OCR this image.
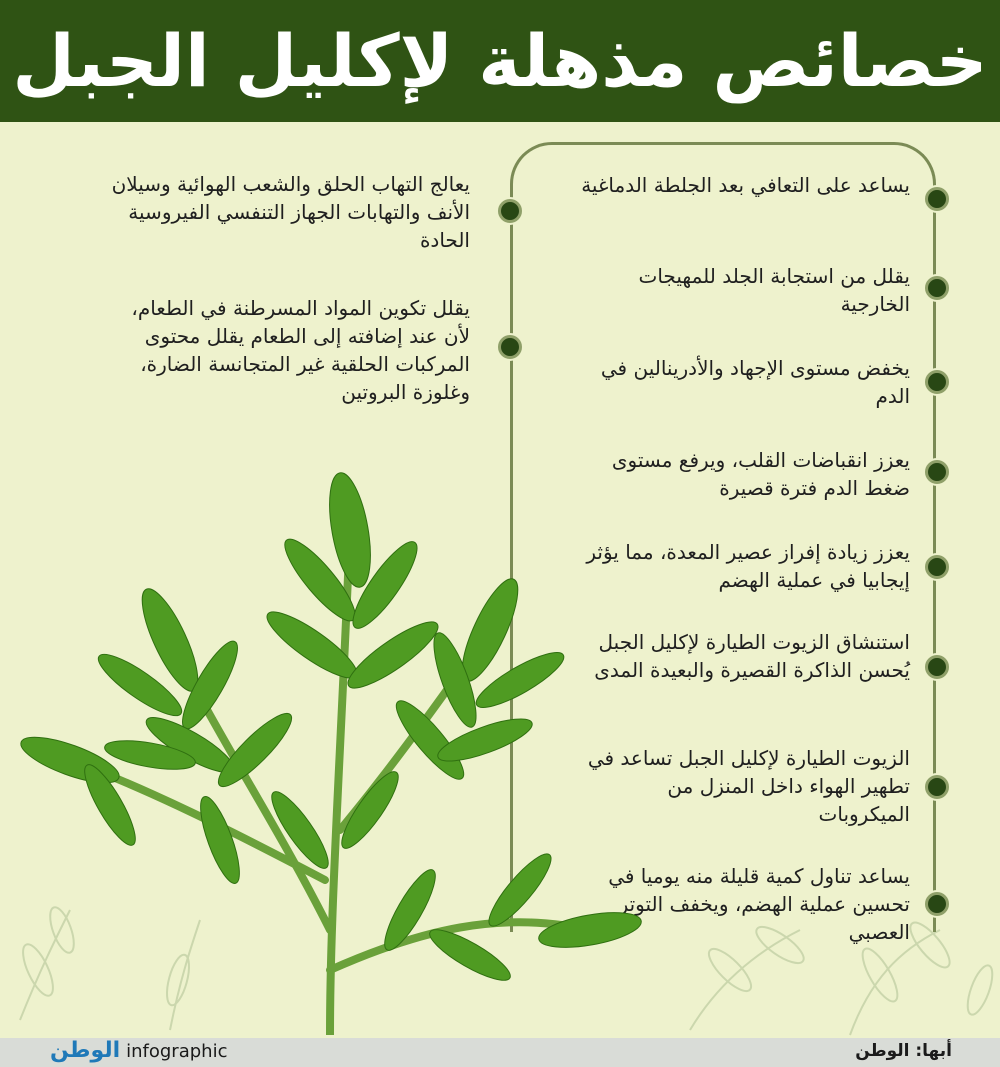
خصائص مذهلة لإكليل الجبل
يساعد على التعافي بعد الجلطة الدماغية
يقلل من استجابة الجلد للمهيجات الخارجية
يخفض مستوى الإجهاد والأدرينالين في الدم
يعزز انقباضات القلب، ويرفع مستوى ضغط الدم فترة قصيرة
يعزز زيادة إفراز عصير المعدة، مما يؤثر إيجابيا في عملية الهضم
استنشاق الزيوت الطيارة لإكليل الجبل يُحسن الذاكرة القصيرة والبعيدة المدى
الزيوت الطيارة لإكليل الجبل تساعد في تطهير الهواء داخل المنزل من الميكروبات
يساعد تناول كمية قليلة منه يوميا في تحسين عملية الهضم، ويخفف التوتر العصبي
يعالج التهاب الحلق والشعب الهوائية وسيلان الأنف والتهابات الجهاز التنفسي الفيروسية الحادة
يقلل تكوين المواد المسرطنة في الطعام، لأن عند إضافته إلى الطعام يقلل محتوى المركبات الحلقية غير المتجانسة الضارة، وغلوزة البروتين
الوطن infographic	أبها: الوطن
